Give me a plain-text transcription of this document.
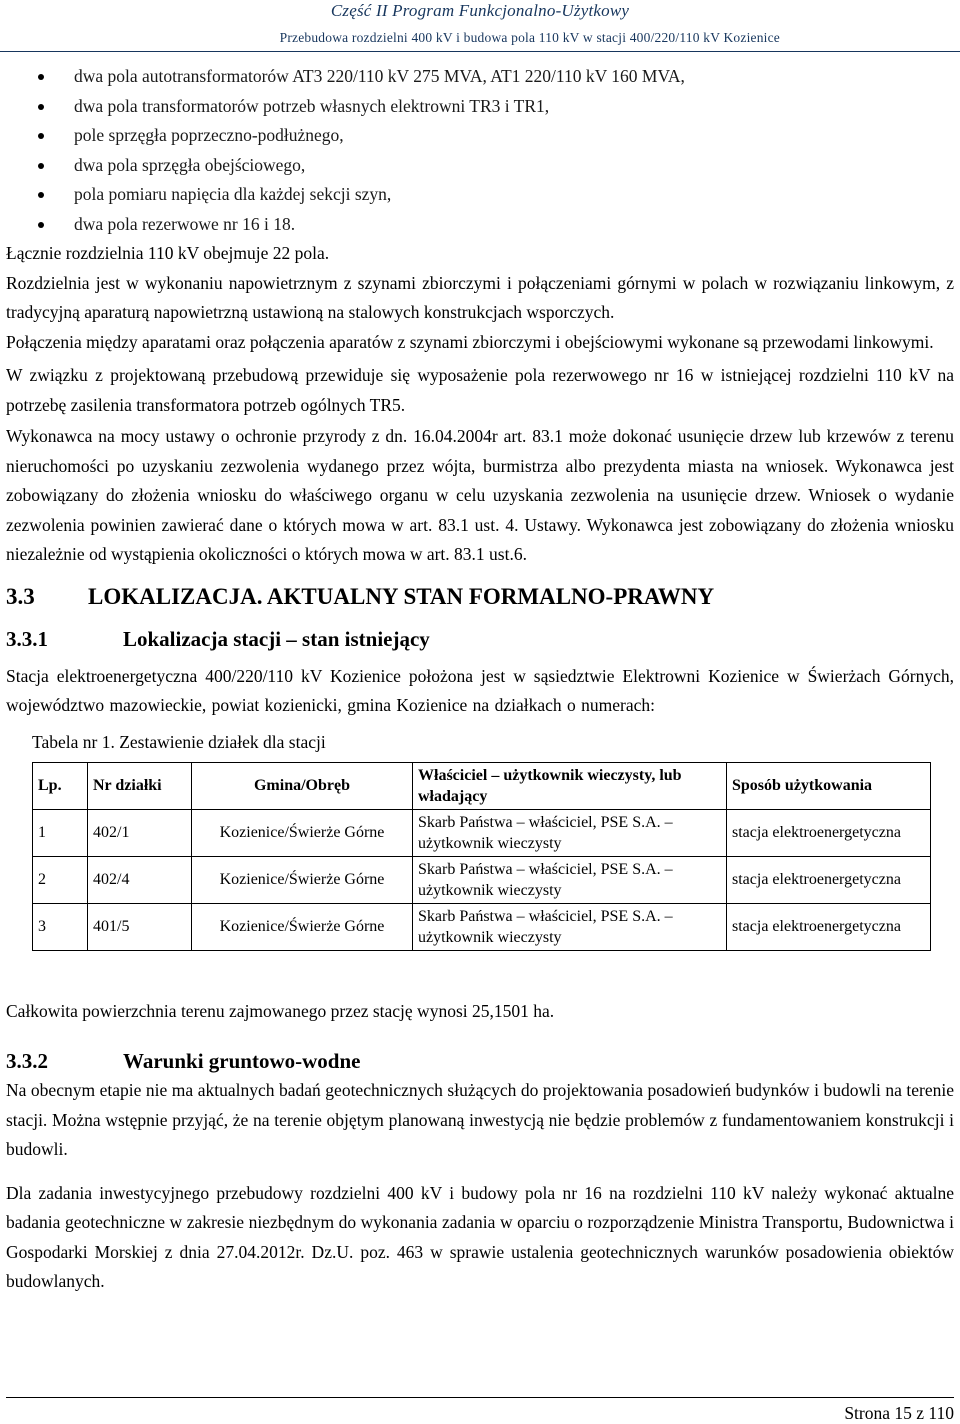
Część II Program Funkcjonalno-Użytkowy
Przebudowa rozdzielni 400 kV i budowa pola 110 kV w stacji 400/220/110 kV Kozienice
dwa pola autotransformatorów AT3 220/110 kV 275 MVA, AT1 220/110 kV 160 MVA,
dwa pola transformatorów potrzeb własnych elektrowni TR3 i TR1,
pole sprzęgła poprzeczno-podłużnego,
dwa pola sprzęgła obejściowego,
pola pomiaru napięcia dla każdej sekcji szyn,
dwa pola rezerwowe nr 16 i 18.

Łącznie rozdzielnia 110 kV obejmuje 22 pola.

Rozdzielnia jest w wykonaniu napowietrznym z szynami zbiorczymi i połączeniami górnymi w polach w rozwiązaniu linkowym, z tradycyjną aparaturą napowietrzną ustawioną na stalowych konstrukcjach wsporczych.

Połączenia między aparatami oraz połączenia aparatów z szynami zbiorczymi i obejściowymi wykonane są przewodami linkowymi.

W związku z projektowaną przebudową przewiduje się wyposażenie pola rezerwowego nr 16 w istniejącej rozdzielni 110 kV na potrzebę zasilenia transformatora potrzeb ogólnych TR5.

Wykonawca na mocy ustawy o ochronie przyrody z dn. 16.04.2004r art. 83.1 może dokonać usunięcie drzew lub krzewów z terenu nieruchomości po uzyskaniu zezwolenia wydanego przez wójta, burmistrza albo prezydenta miasta na wniosek. Wykonawca jest zobowiązany do złożenia wniosku do właściwego organu w celu uzyskania zezwolenia na usunięcie drzew. Wniosek o wydanie zezwolenia powinien zawierać dane o których mowa w art. 83.1 ust. 4. Ustawy. Wykonawca jest zobowiązany do złożenia wniosku niezależnie od wystąpienia okoliczności o których mowa w art. 83.1 ust.6.

3.3 LOKALIZACJA. AKTUALNY STAN FORMALNO-PRAWNY
3.3.1	Lokalizacja stacji – stan istniejący

Stacja elektroenergetyczna 400/220/110 kV Kozienice położona jest w sąsiedztwie Elektrowni Kozienice w Świerżach Górnych, województwo mazowieckie, powiat kozienicki, gmina Kozienice na działkach o numerach:

Tabela nr 1. Zestawienie działek dla stacji
Lp.	Nr działki	Gmina/Obręb	Właściciel – użytkownik wieczysty, lub władający	Sposób użytkowania
1	402/1	Kozienice/Świerże Górne	Skarb Państwa – właściciel, PSE S.A. – użytkownik wieczysty	stacja elektroenergetyczna
2	402/4	Kozienice/Świerże Górne	Skarb Państwa – właściciel, PSE S.A. – użytkownik wieczysty	stacja elektroenergetyczna
3	401/5	Kozienice/Świerże Górne	Skarb Państwa – właściciel, PSE S.A. – użytkownik wieczysty	stacja elektroenergetyczna

Całkowita powierzchnia terenu zajmowanego przez stację wynosi 25,1501 ha.

3.3.2	Warunki gruntowo-wodne

Na obecnym etapie nie ma aktualnych badań geotechnicznych służących do projektowania posadowień budynków i budowli na terenie stacji. Można wstępnie przyjąć, że na terenie objętym planowaną inwestycją nie będzie problemów z fundamentowaniem konstrukcji i budowli.

Dla zadania inwestycyjnego przebudowy rozdzielni 400 kV i budowy pola nr 16 na rozdzielni 110 kV należy wykonać aktualne badania geotechniczne w zakresie niezbędnym do wykonania zadania w oparciu o rozporządzenie Ministra Transportu, Budownictwa i Gospodarki Morskiej z dnia 27.04.2012r. Dz.U. poz. 463 w sprawie ustalenia geotechnicznych warunków posadowienia obiektów budowlanych.

Strona 15 z 110
